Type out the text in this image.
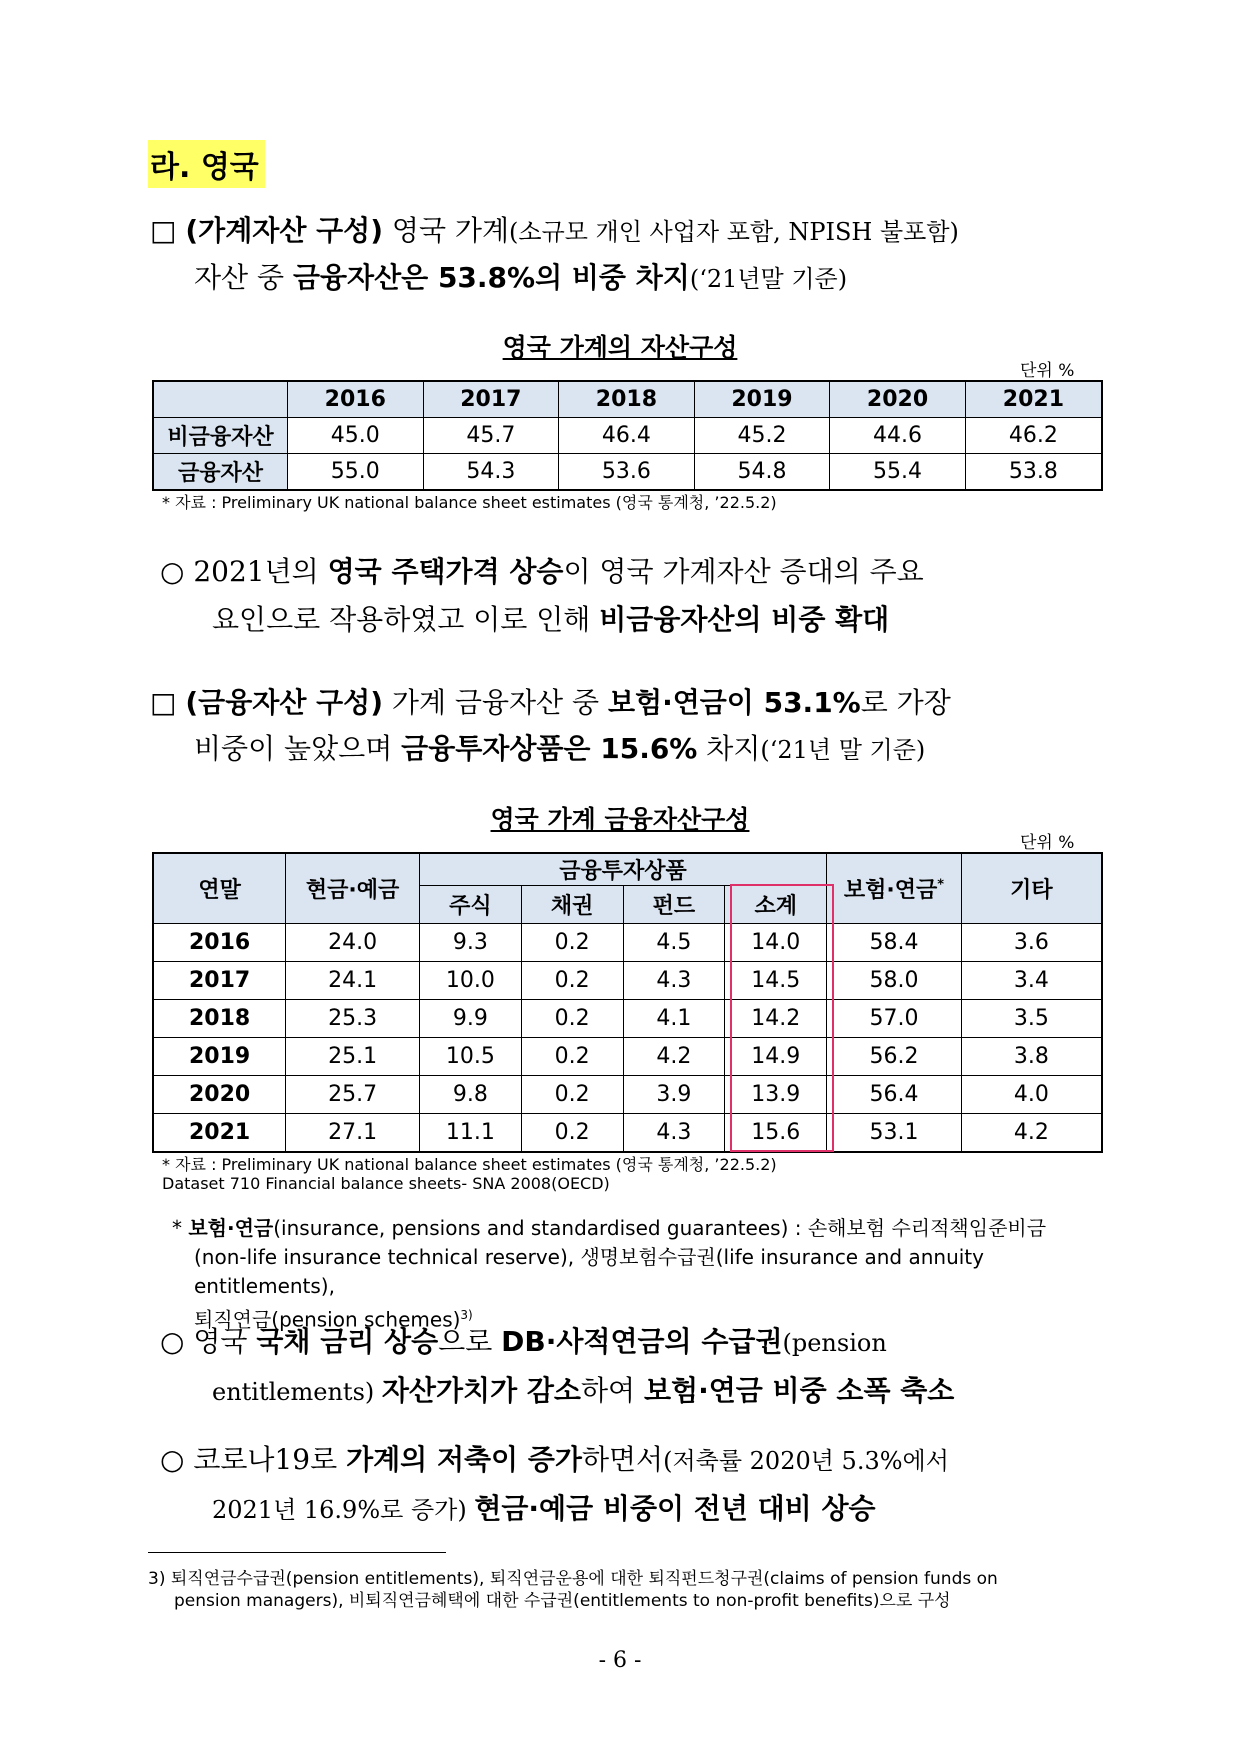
라. 영국
□ (가계자산 구성) 영국 가계(소규모 개인 사업자 포함, NPISH 불포함)
자산 중 금융자산은 53.8%의 비중 차지(‘21년말 기준)
영국 가계의 자산구성
단위 %
	2016	2017	2018	2019	2020	2021
비금융자산	45.0	45.7	46.4	45.2	44.6	46.2
금융자산	55.0	54.3	53.6	54.8	55.4	53.8
* 자료 : Preliminary UK national balance sheet estimates (영국 통계청, ’22.5.2)
○ 2021년의 영국 주택가격 상승이 영국 가계자산 증대의 주요
요인으로 작용하였고 이로 인해 비금융자산의 비중 확대
□ (금융자산 구성) 가계 금융자산 중 보험·연금이 53.1%로 가장
비중이 높았으며 금융투자상품은 15.6% 차지(‘21년 말 기준)
영국 가계 금융자산구성
단위 %
연말	현금·예금	금융투자상품				보험·연금*	기타
		주식	채권	펀드	소계		
2016	24.0	9.3	0.2	4.5	14.0	58.4	3.6
2017	24.1	10.0	0.2	4.3	14.5	58.0	3.4
2018	25.3	9.9	0.2	4.1	14.2	57.0	3.5
2019	25.1	10.5	0.2	4.2	14.9	56.2	3.8
2020	25.7	9.8	0.2	3.9	13.9	56.4	4.0
2021	27.1	11.1	0.2	4.3	15.6	53.1	4.2
* 자료 : Preliminary UK national balance sheet estimates (영국 통계청, ’22.5.2)
Dataset 710 Financial balance sheets- SNA 2008(OECD)
* 보험·연금(insurance, pensions and standardised guarantees) : 손해보험 수리적책임준비금
(non-life insurance technical reserve), 생명보험수급권(life insurance and annuity entitlements),
퇴직연금(pension schemes)$^{3)}$
○ 영국 국채 금리 상승으로 DB·사적연금의 수급권(pension
entitlements) 자산가치가 감소하여 보험·연금 비중 소폭 축소
○ 코로나19로 가계의 저축이 증가하면서(저축률 2020년 5.3%에서
2021년 16.9%로 증가) 현금·예금 비중이 전년 대비 상승
3) 퇴직연금수급권(pension entitlements), 퇴직연금운용에 대한 퇴직펀드청구권(claims of pension funds on
pension managers), 비퇴직연금혜택에 대한 수급권(entitlements to non-profit benefits)으로 구성
- 6 -
